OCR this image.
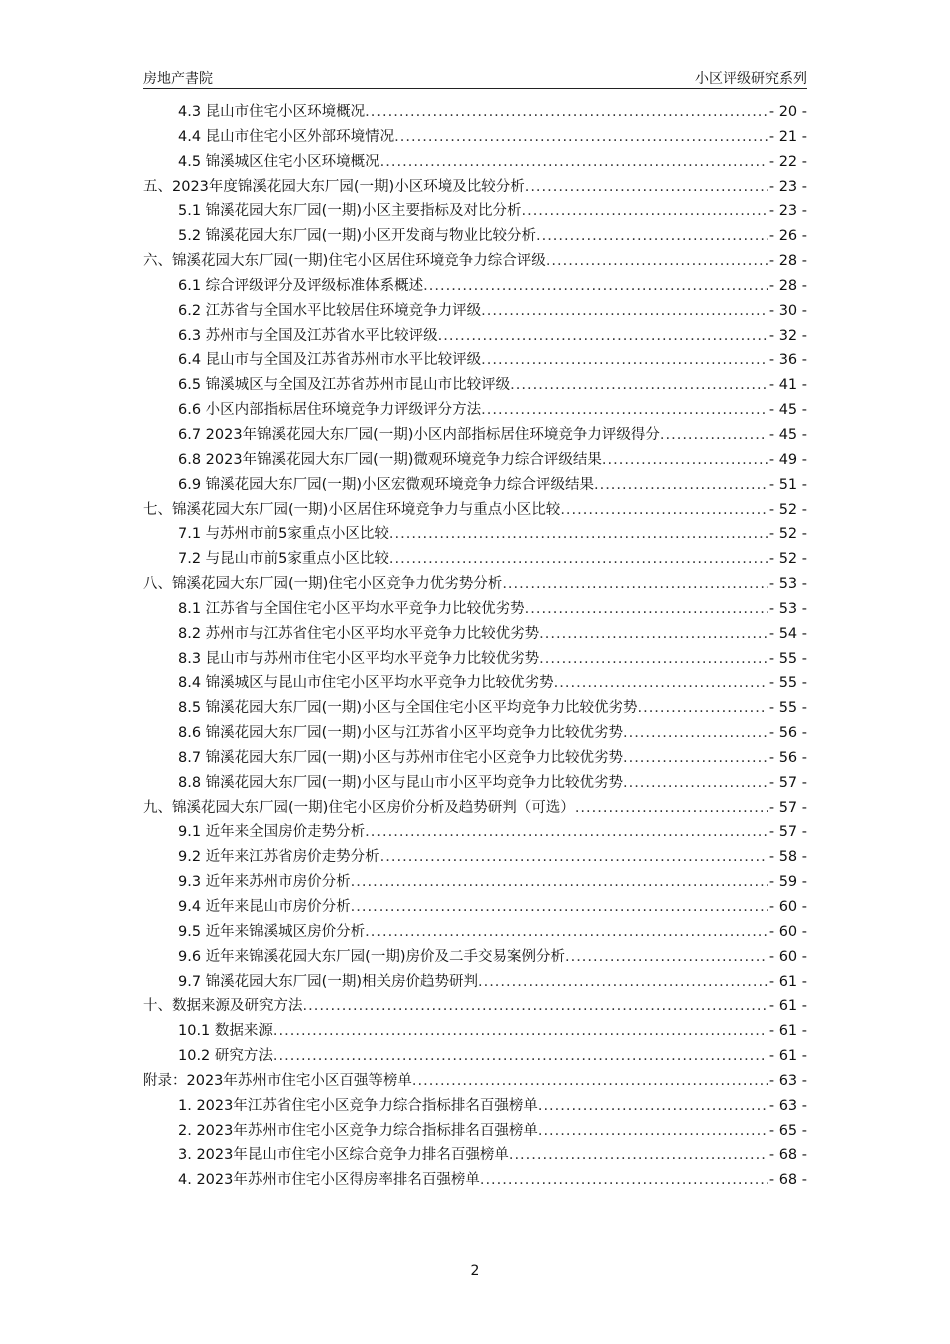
房地产書院	小区评级研究系列
4.3 昆山市住宅小区环境概况 .....	- 20 -
4.4 昆山市住宅小区外部环境情况 .....	- 21 -
4.5 锦溪城区住宅小区环境概况 .....	- 22 -
五、2023年度锦溪花园大东厂园(一期)小区环境及比较分析 .....	- 23 -
5.1 锦溪花园大东厂园(一期)小区主要指标及对比分析 .....	- 23 -
5.2 锦溪花园大东厂园(一期)小区开发商与物业比较分析 .....	- 26 -
六、锦溪花园大东厂园(一期)住宅小区居住环境竞争力综合评级 .....	- 28 -
6.1 综合评级评分及评级标准体系概述 .....	- 28 -
6.2 江苏省与全国水平比较居住环境竞争力评级 .....	- 30 -
6.3 苏州市与全国及江苏省水平比较评级 .....	- 32 -
6.4 昆山市与全国及江苏省苏州市水平比较评级 .....	- 36 -
6.5 锦溪城区与全国及江苏省苏州市昆山市比较评级 .....	- 41 -
6.6 小区内部指标居住环境竞争力评级评分方法 .....	- 45 -
6.7 2023年锦溪花园大东厂园(一期)小区内部指标居住环境竞争力评级得分 .....	- 45 -
6.8 2023年锦溪花园大东厂园(一期)微观环境竞争力综合评级结果 .....	- 49 -
6.9 锦溪花园大东厂园(一期)小区宏微观环境竞争力综合评级结果 .....	- 51 -
七、锦溪花园大东厂园(一期)小区居住环境竞争力与重点小区比较 .....	- 52 -
7.1 与苏州市前5家重点小区比较 .....	- 52 -
7.2 与昆山市前5家重点小区比较 .....	- 52 -
八、锦溪花园大东厂园(一期)住宅小区竞争力优劣势分析 .....	- 53 -
8.1 江苏省与全国住宅小区平均水平竞争力比较优劣势 .....	- 53 -
8.2 苏州市与江苏省住宅小区平均水平竞争力比较优劣势 .....	- 54 -
8.3 昆山市与苏州市住宅小区平均水平竞争力比较优劣势 .....	- 55 -
8.4 锦溪城区与昆山市住宅小区平均水平竞争力比较优劣势 .....	- 55 -
8.5 锦溪花园大东厂园(一期)小区与全国住宅小区平均竞争力比较优劣势 .....	- 55 -
8.6 锦溪花园大东厂园(一期)小区与江苏省小区平均竞争力比较优劣势 .....	- 56 -
8.7 锦溪花园大东厂园(一期)小区与苏州市住宅小区竞争力比较优劣势 .....	- 56 -
8.8 锦溪花园大东厂园(一期)小区与昆山市小区平均竞争力比较优劣势 .....	- 57 -
九、锦溪花园大东厂园(一期)住宅小区房价分析及趋势研判（可选） .....	- 57 -
9.1 近年来全国房价走势分析 .....	- 57 -
9.2 近年来江苏省房价走势分析 .....	- 58 -
9.3 近年来苏州市房价分析 .....	- 59 -
9.4 近年来昆山市房价分析 .....	- 60 -
9.5 近年来锦溪城区房价分析 .....	- 60 -
9.6 近年来锦溪花园大东厂园(一期)房价及二手交易案例分析 .....	- 60 -
9.7 锦溪花园大东厂园(一期)相关房价趋势研判 .....	- 61 -
十、数据来源及研究方法 .....	- 61 -
10.1 数据来源 .....	- 61 -
10.2 研究方法 .....	- 61 -
附录：2023年苏州市住宅小区百强等榜单 .....	- 63 -
1. 2023年江苏省住宅小区竞争力综合指标排名百强榜单 .....	- 63 -
2. 2023年苏州市住宅小区竞争力综合指标排名百强榜单 .....	- 65 -
3. 2023年昆山市住宅小区综合竞争力排名百强榜单 .....	- 68 -
4. 2023年苏州市住宅小区得房率排名百强榜单 .....	- 68 -
2
